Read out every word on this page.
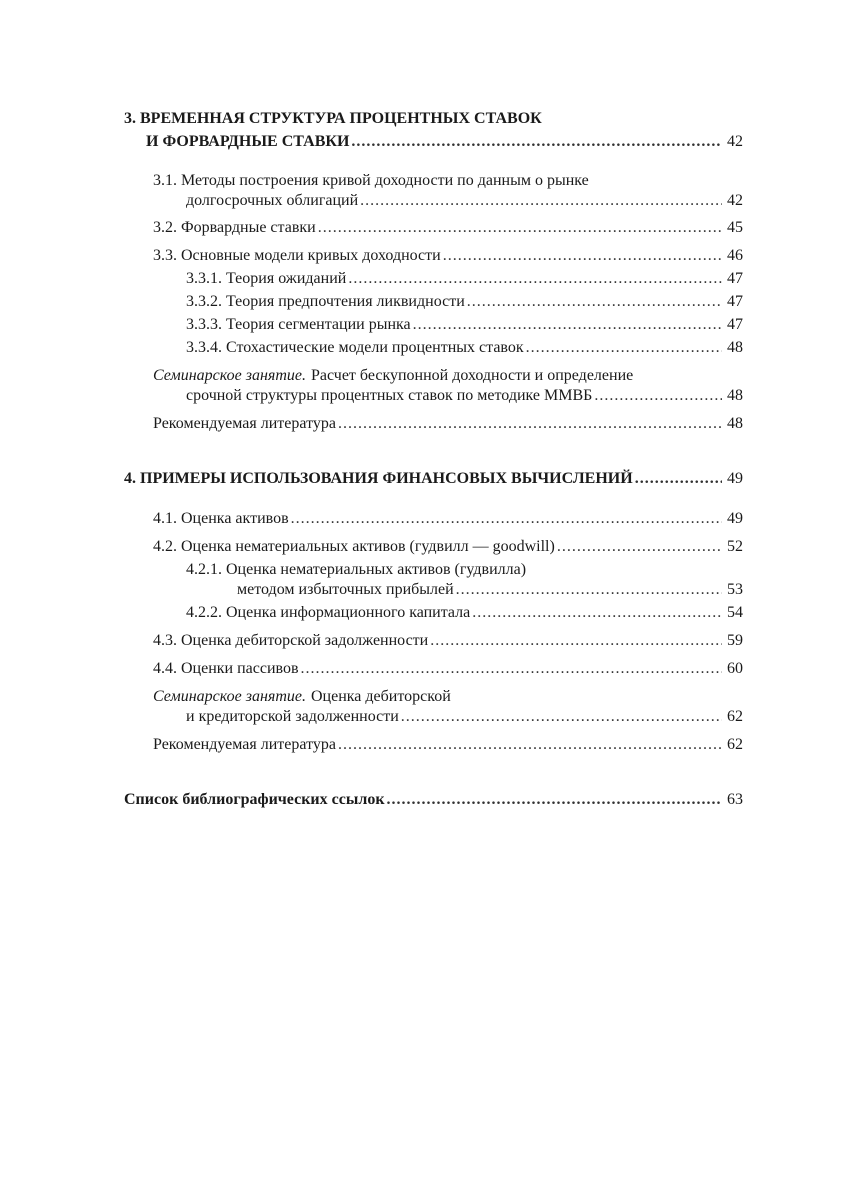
3. ВРЕМЕННАЯ СТРУКТУРА ПРОЦЕНТНЫХ СТАВОК
И ФОРВАРДНЫЕ СТАВКИ .....	42
3.1. Методы построения кривой доходности по данным о рынке
долгосрочных облигаций .....	42
3.2. Форвардные ставки .....	45
3.3. Основные модели кривых доходности .....	46
3.3.1. Теория ожиданий .....	47
3.3.2. Теория предпочтения ликвидности .....	47
3.3.3. Теория сегментации рынка .....	47
3.3.4. Стохастические модели процентных ставок .....	48
Семинарское занятие. Расчет бескупонной доходности и определение
срочной структуры процентных ставок по методике ММВБ .....	48
Рекомендуемая литература .....	48
4. ПРИМЕРЫ ИСПОЛЬЗОВАНИЯ ФИНАНСОВЫХ ВЫЧИСЛЕНИЙ .....	49
4.1. Оценка активов .....	49
4.2. Оценка нематериальных активов (гудвилл — goodwill) .....	52
4.2.1. Оценка нематериальных активов (гудвилла)
методом избыточных прибылей .....	53
4.2.2. Оценка информационного капитала .....	54
4.3. Оценка дебиторской задолженности .....	59
4.4. Оценки пассивов .....	60
Семинарское занятие. Оценка дебиторской
и кредиторской задолженности .....	62
Рекомендуемая литература .....	62
Список библиографических ссылок .....	63
